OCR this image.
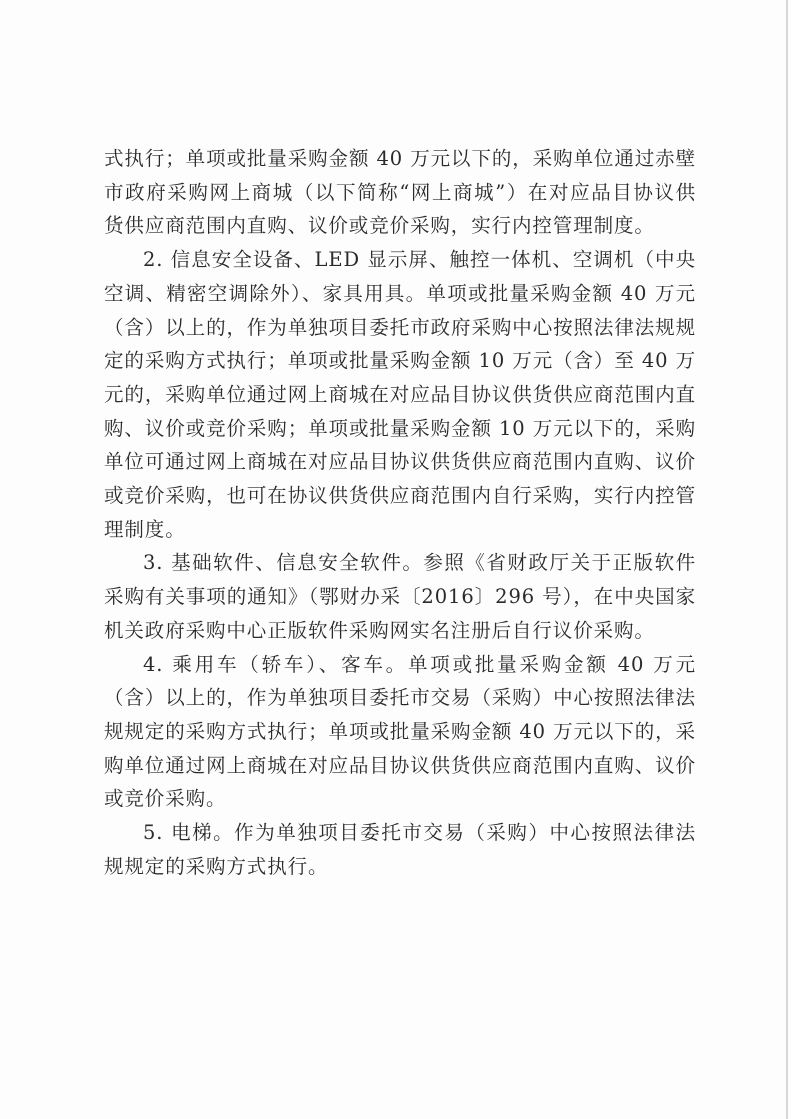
式执行；单项或批量采购金额 40 万元以下的，采购单位通过赤壁市政府采购网上商城（以下简称“网上商城”）在对应品目协议供货供应商范围内直购、议价或竞价采购，实行内控管理制度。

2. 信息安全设备、LED 显示屏、触控一体机、空调机（中央空调、精密空调除外）、家具用具。单项或批量采购金额 40 万元（含）以上的，作为单独项目委托市政府采购中心按照法律法规规定的采购方式执行；单项或批量采购金额 10 万元（含）至 40 万元的，采购单位通过网上商城在对应品目协议供货供应商范围内直购、议价或竞价采购；单项或批量采购金额 10 万元以下的，采购单位可通过网上商城在对应品目协议供货供应商范围内直购、议价或竞价采购，也可在协议供货供应商范围内自行采购，实行内控管理制度。

3. 基础软件、信息安全软件。参照《省财政厅关于正版软件采购有关事项的通知》（鄂财办采〔2016〕296 号），在中央国家机关政府采购中心正版软件采购网实名注册后自行议价采购。

4. 乘用车（轿车）、客车。单项或批量采购金额 40 万元（含）以上的，作为单独项目委托市交易（采购）中心按照法律法规规定的采购方式执行；单项或批量采购金额 40 万元以下的，采购单位通过网上商城在对应品目协议供货供应商范围内直购、议价或竞价采购。

5. 电梯。作为单独项目委托市交易（采购）中心按照法律法规规定的采购方式执行。
